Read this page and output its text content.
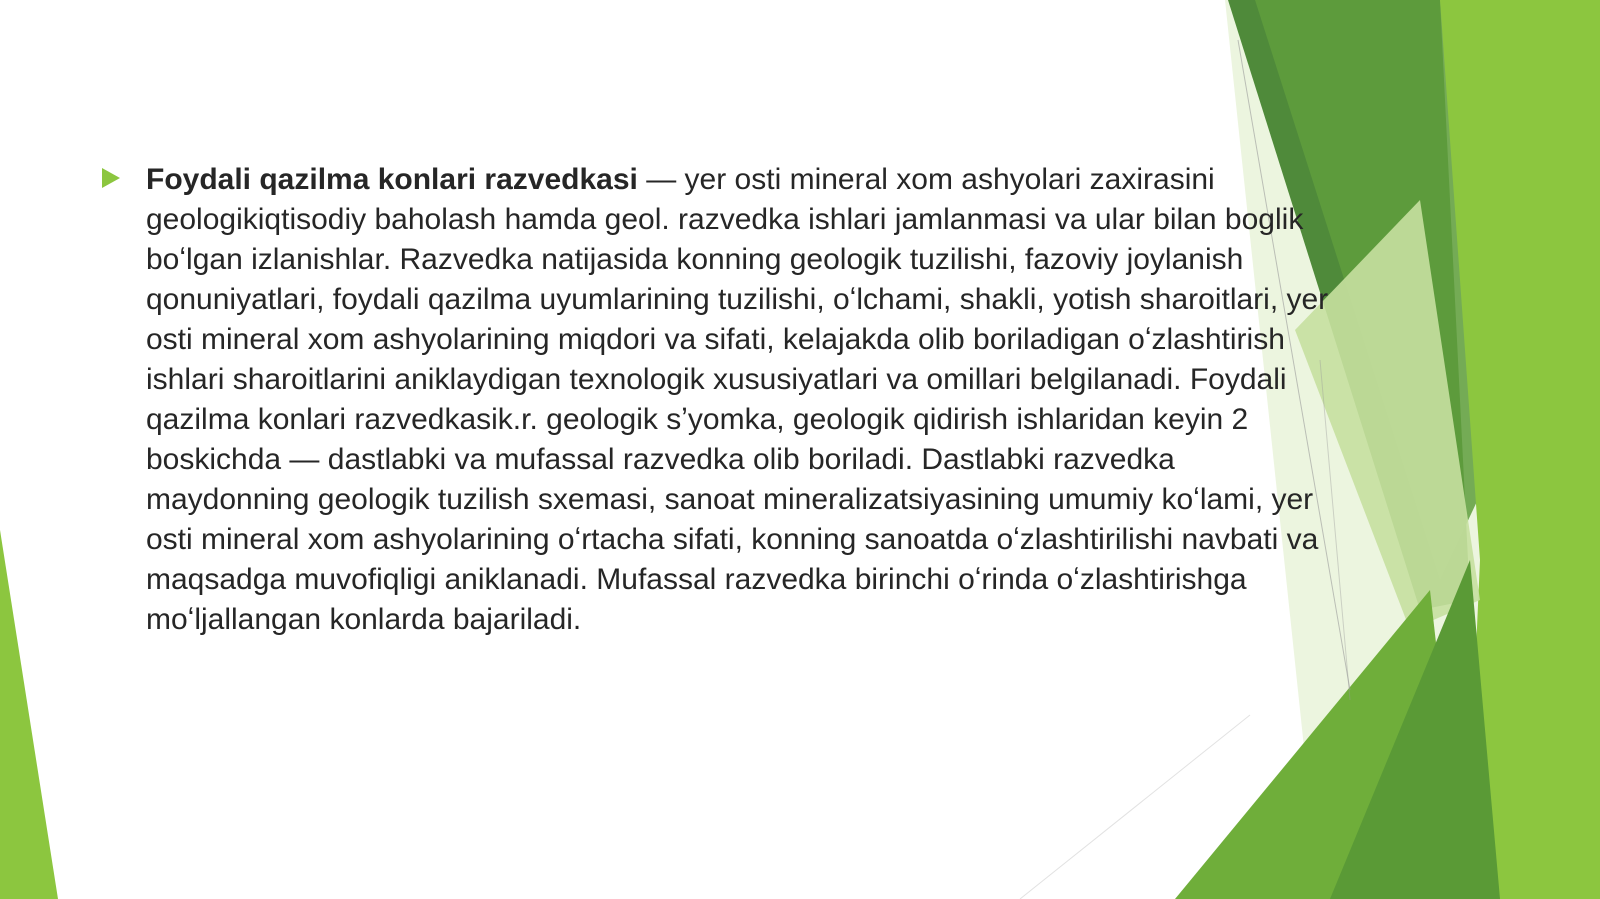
Foydali qazilma konlari razvedkasi — yer osti mineral xom ashyolari zaxirasini geologikiqtisodiy baholash hamda geol. razvedka ishlari jamlanmasi va ular bilan boglik boʻlgan izlanishlar. Razvedka natijasida konning geologik tuzilishi, fazoviy joylanish qonuniyatlari, foydali qazilma uyumlarining tuzilishi, oʻlchami, shakli, yotish sharoitlari, yer osti mineral xom ashyolarining miqdori va sifati, kelajakda olib boriladigan oʻzlashtirish ishlari sharoitlarini aniklaydigan texnologik xususiyatlari va omillari belgilanadi. Foydali qazilma konlari razvedkasik.r. geologik sʼyomka, geologik qidirish ishlaridan keyin 2 boskichda — dastlabki va mufassal razvedka olib boriladi. Dastlabki razvedka maydonning geologik tuzilish sxemasi, sanoat mineralizatsiyasining umumiy koʻlami, yer osti mineral xom ashyolarining oʻrtacha sifati, konning sanoatda oʻzlashtirilishi navbati va maqsadga muvofiqligi aniklanadi. Mufassal razvedka birinchi oʻrinda oʻzlashtirishga moʻljallangan konlarda bajariladi.
